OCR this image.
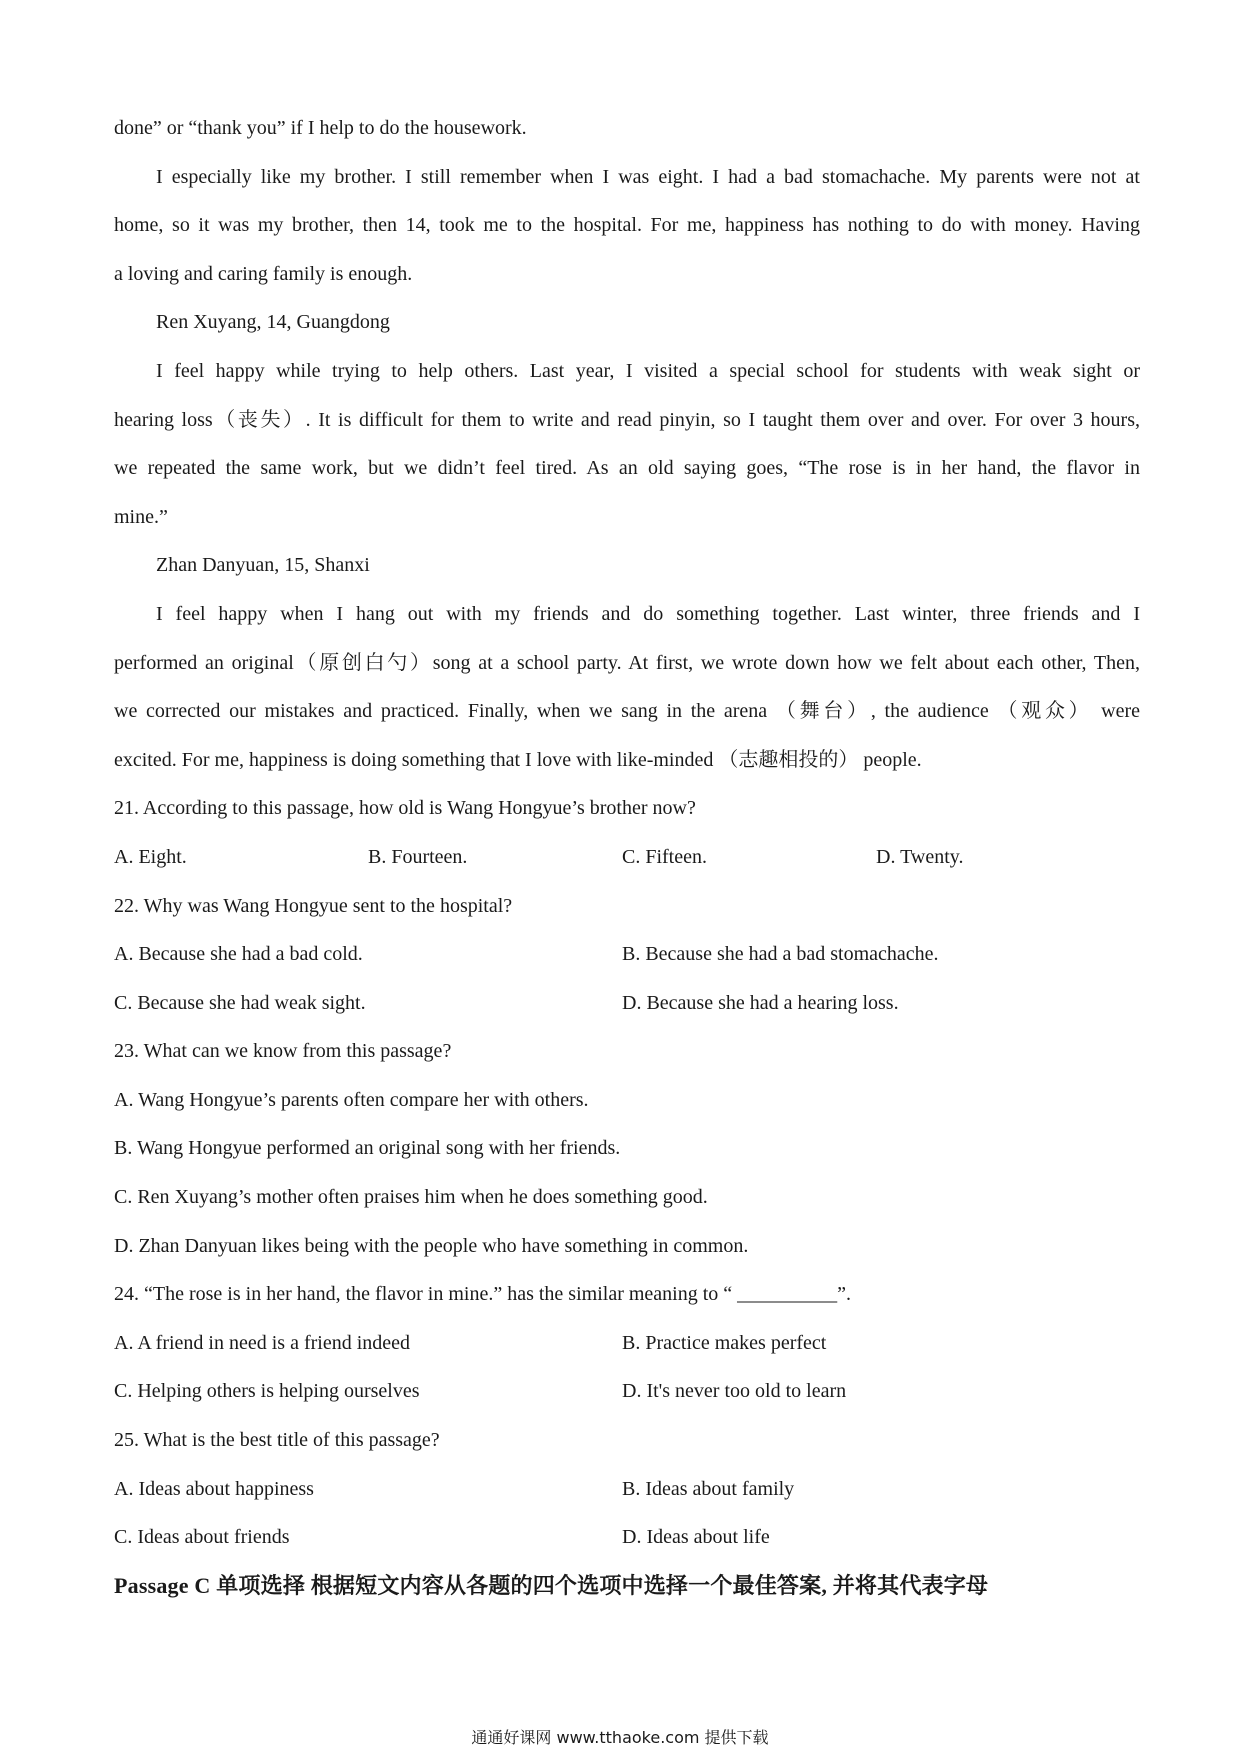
done” or “thank you” if I help to do the housework.
I especially like my brother. I still remember when I was eight. I had a bad stomachache. My parents were not at
home, so it was my brother, then 14, took me to the hospital. For me, happiness has nothing to do with money. Having
a loving and caring family is enough.
Ren Xuyang, 14, Guangdong
I feel happy while trying to help others. Last year, I visited a special school for students with weak sight or
hearing loss（丧失）. It is difficult for them to write and read pinyin, so I taught them over and over. For over 3 hours,
we repeated the same work, but we didn’t feel tired. As an old saying goes, “The rose is in her hand, the flavor in
mine.”
Zhan Danyuan, 15, Shanxi
I feel happy when I hang out with my friends and do something together. Last winter, three friends and I
performed an original（原创白勺）song at a school party. At first, we wrote down how we felt about each other, Then,
we corrected our mistakes and practiced. Finally, when we sang in the arena （舞台）, the audience （观众） were
excited. For me, happiness is doing something that I love with like-minded （志趣相投的） people.
21. According to this passage, how old is Wang Hongyue’s brother now?
A. Eight.	B. Fourteen.	C. Fifteen.	D. Twenty.
22. Why was Wang Hongyue sent to the hospital?
A. Because she had a bad cold.	B. Because she had a bad stomachache.
C. Because she had weak sight.	D. Because she had a hearing loss.
23. What can we know from this passage?
A. Wang Hongyue’s parents often compare her with others.
B. Wang Hongyue performed an original song with her friends.
C. Ren Xuyang’s mother often praises him when he does something good.
D. Zhan Danyuan likes being with the people who have something in common.
24. “The rose is in her hand, the flavor in mine.” has the similar meaning to “ __________”.
A. A friend in need is a friend indeed	B. Practice makes perfect
C. Helping others is helping ourselves	D. It's never too old to learn
25. What is the best title of this passage?
A. Ideas about happiness	B. Ideas about family
C. Ideas about friends	D. Ideas about life
Passage C 单项选择 根据短文内容从各题的四个选项中选择一个最佳答案, 并将其代表字母
通通好课网 www.tthaoke.com 提供下载
